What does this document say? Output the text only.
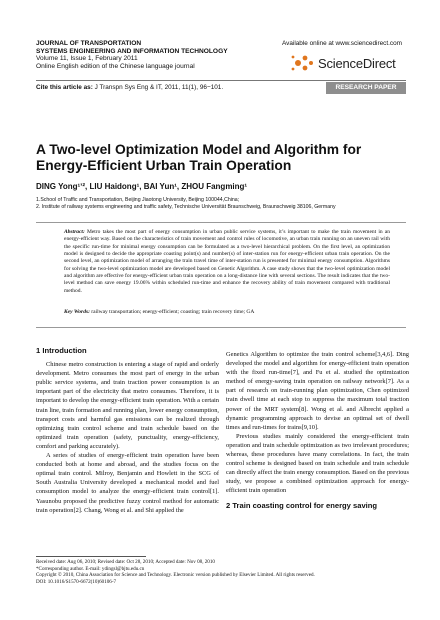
JOURNAL OF TRANSPORTATION
SYSTEMS ENGINEERING AND INFORMATION TECHNOLOGY
Volume 11, Issue 1, February 2011
Online English edition of the Chinese language journal
Available online at www.sciencedirect.com
ScienceDirect
Cite this article as: J Transpn Sys Eng & IT, 2011, 11(1), 96−101.	RESEARCH PAPER
A Two-level Optimization Model and Algorithm for Energy-Efficient Urban Train Operation
DING Yong¹ʼ², LIU Haidong¹, BAI Yun¹, ZHOU Fangming¹
1.School of Traffic and Transportation, Beijing Jiaotong University, Beijing 100044,China;
2. Institute of railway systems engineering and traffic safety, Technische Universität Braunschweig, Braunschweig 38106, Germany
Abstract: Metro takes the most part of energy consumption in urban public service systems, it’s important to make the train movement in an energy-efficient way. Based on the characteristics of train movement and control rules of locomotive, an urban train running on an uneven rail with the specific run-time for minimal energy consumption can be formulated as a two-level hierarchical problem. On the first level, an optimization model is designed to decide the appropriate coasting point(s) and number(s) of inter-station run for energy-efficient urban train operation. On the second level, an optimization model of arranging the train travel time of inter-station run is presented for minimal energy consumption. Algorithms for solving the two-level optimization model are developed based on Genetic Algorithm. A case study shows that the two-level optimization model and algorithm are effective for energy-efficient urban train operation on a long-distance line with several sections. The result indicates that the two-level method can save energy 19.06% within scheduled run-time and enhance the recovery ability of train movement compared with traditional method.
Key Words: railway transportation; energy-efficient; coasting; train recovery time; GA
1 Introduction

Chinese metro construction is entering a stage of rapid and orderly development. Metro consumes the most part of energy in the urban public service systems, and train traction power consumption is an important part of the electricity that metro consumes. Therefore, it is important to develop the energy-efficient train operation. With a certain train line, train formation and running plan, lower energy consumption, transport costs and harmful gas emissions can be realized through optimizing train control scheme and train schedule based on the optimized train operation (safety, punctuality, energy-efficiency, comfort and parking accurately).

A series of studies of energy-efficient train operation have been conducted both at home and abroad, and the studies focus on the optimal train control. Milroy, Benjamin and Howlett in the SCG of South Australia University developed a mechanical model and fuel consumption model to analyze the energy-efficient train control[1]. Yasunobu proposed the predictive fuzzy control method for automatic train operation[2]. Chang, Wong et al. and Shi applied the

Genetics Algorithm to optimize the train control scheme[3,4,6]. Ding developed the model and algorithm for energy-efficient train operation with the fixed run-time[7], and Fu et al. studied the optimization method of energy-saving train operation on railway network[7]. As a part of research on train-running plan optimization, Chen optimized train dwell time at each stop to suppress the maximum total traction power of the MRT system[8]. Wong et al. and Albrecht applied a dynamic programming approach to devise an optimal set of dwell times and run-times for trains[9,10].

Previous studies mainly considered the energy-efficient train operation and train schedule optimization as two irrelevant procedures; whereas, these procedures have many correlations. In fact, the train control scheme is designed based on train schedule and train schedule can directly affect the train energy consumption. Based on the previous study, we propose a combined optimization approach for energy-efficient train operation

2 Train coasting control for energy saving
Received date: Aug 06, 2010; Revised date: Oct 28, 2010; Accepted date: Nov 08, 2010
*Corresponding author. E-mail: ydingsl@bjtu.edu.cn
Copyright © 2010, China Association for Science and Technology. Electronic version published by Elsevier Limited. All rights reserved.
DOI: 10.1016/S1570-6672(10)60106-7
